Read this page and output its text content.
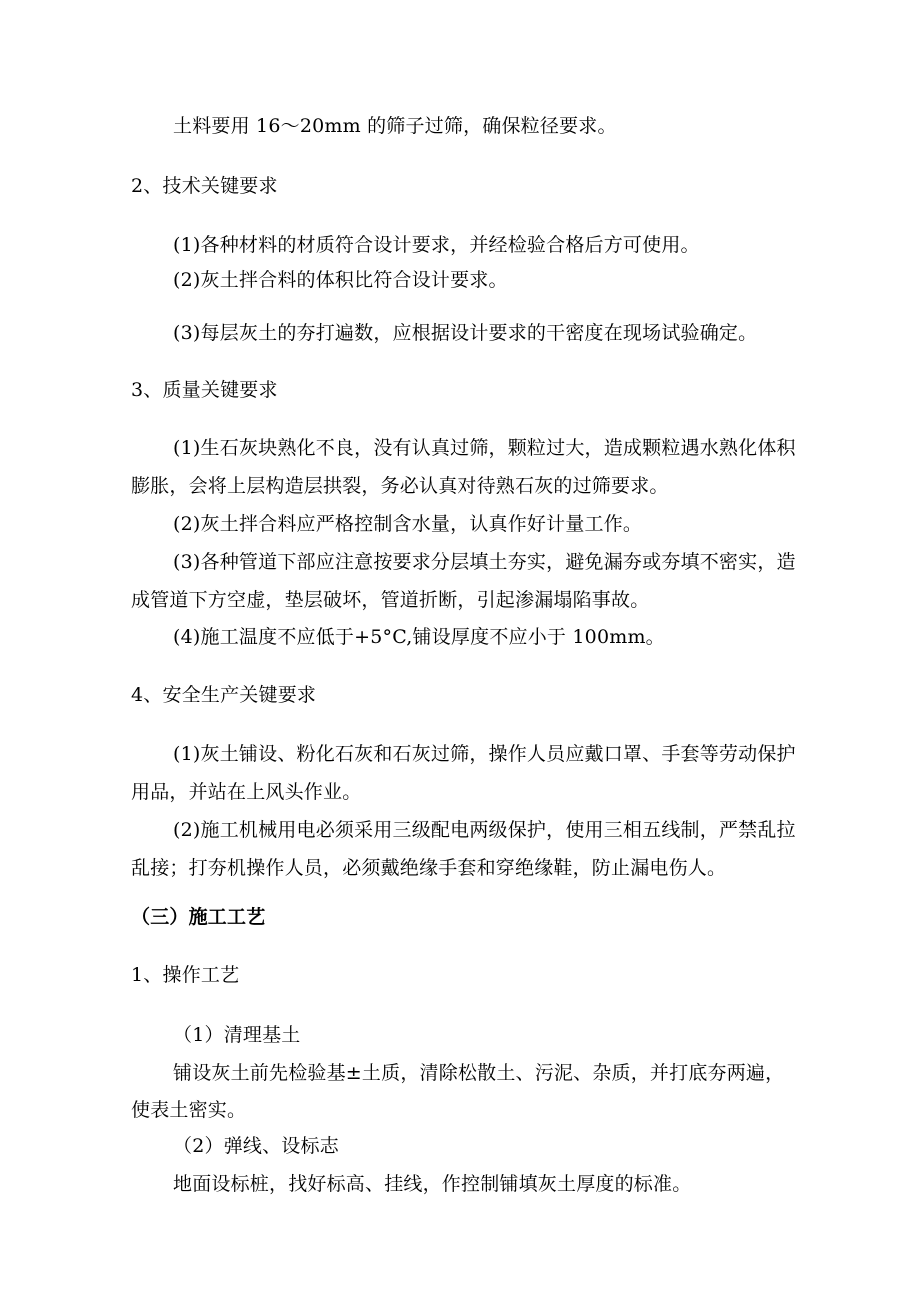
土料要用 16～20mm 的筛子过筛，确保粒径要求。
2、技术关键要求
(1)各种材料的材质符合设计要求，并经检验合格后方可使用。
(2)灰土拌合料的体积比符合设计要求。
(3)每层灰土的夯打遍数，应根据设计要求的干密度在现场试验确定。
3、质量关键要求
(1)生石灰块熟化不良，没有认真过筛，颗粒过大，造成颗粒遇水熟化体积
膨胀，会将上层构造层拱裂，务必认真对待熟石灰的过筛要求。
(2)灰土拌合料应严格控制含水量，认真作好计量工作。
(3)各种管道下部应注意按要求分层填土夯实，避免漏夯或夯填不密实，造
成管道下方空虚，垫层破坏，管道折断，引起渗漏塌陷事故。
(4)施工温度不应低于+5°C,铺设厚度不应小于 100mm。
4、安全生产关键要求
(1)灰土铺设、粉化石灰和石灰过筛，操作人员应戴口罩、手套等劳动保护
用品，并站在上风头作业。
(2)施工机械用电必须采用三级配电两级保护，使用三相五线制，严禁乱拉
乱接；打夯机操作人员，必须戴绝缘手套和穿绝缘鞋，防止漏电伤人。
（三）施工工艺
1、操作工艺
（1）清理基土
铺设灰土前先检验基±土质，清除松散土、污泥、杂质，并打底夯两遍，
使表土密实。
（2）弹线、设标志
地面设标桩，找好标高、挂线，作控制铺填灰土厚度的标准。
